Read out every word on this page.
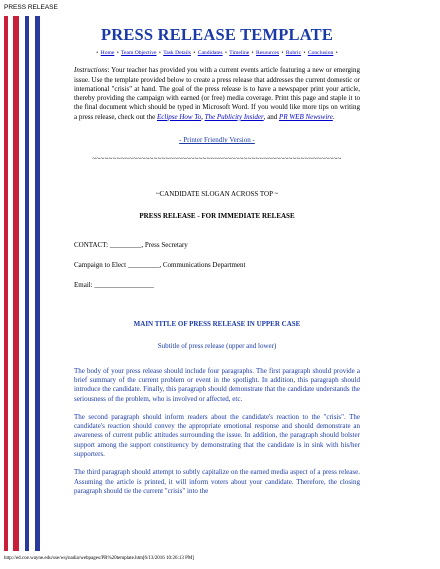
PRESS RELEASE
PRESS RELEASE TEMPLATE
• Home • Team Objective • Task Details • Candidates • Timeline • Resources • Rubric • Conclusion •
Instructions: Your teacher has provided you with a current events article featuring a new or emerging issue. Use the template provided below to create a press release that addresses the current domestic or international "crisis" at hand. The goal of the press release is to have a newspaper print your article, thereby providing the campaign with earned (or free) media coverage. Print this page and staple it to the final document which should be typed in Microsoft Word. If you would like more tips on writing a press release, check out the Eclipse How To, The Publicity Insider, and PR WEB Newswire.
- Printer Friendly Version -
~~~~~~~~~~~~~~~~~~~~~~~~~~~~~~~~~~~~~~~~~~~~~~~~~~~~~~~~~~~~~
~CANDIDATE SLOGAN ACROSS TOP ~
PRESS RELEASE - FOR IMMEDIATE RELEASE
CONTACT: _________, Press Secretary
Campaign to Elect _________, Communications Department
Email: _________________
MAIN TITLE OF PRESS RELEASE IN UPPER CASE
Subtitle of press release (upper and lower)
The body of your press release should include four paragraphs. The first paragraph should provide a brief summary of the current problem or event in the spotlight. In addition, this paragraph should introduce the candidate. Finally, this paragraph should demonstrate that the candidate understands the seriousness of the problem, who is involved or affected, etc.
The second paragraph should inform readers about the candidate's reaction to the "crisis". The candidate's reaction should convey the appropriate emotional response and should demonstrate an awareness of current public attitudes surrounding the issue. In addition, the paragraph should bolster support among the support constituency by demonstrating that the candidate is in sink with his/her supporters.
The third paragraph should attempt to subtly capitalize on the earned media aspect of a press release. Assuming the article is printed, it will inform voters about your candidate. Therefore, the closing paragraph should tie the current "crisis" into the
http://ed.coe.wayne.edu/sse/wq/nadia/webpages/PR%20template.htm[6/13/2016 10:26:13 PM]
